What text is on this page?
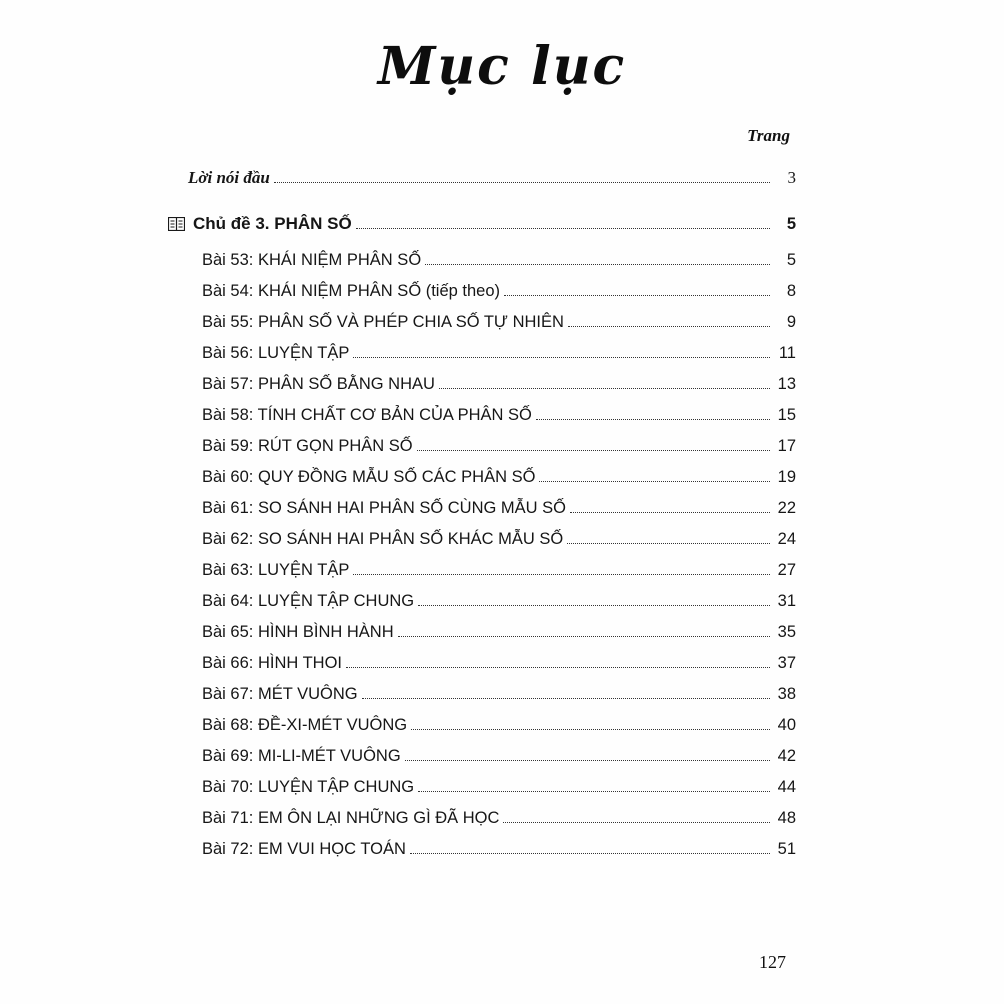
Mục lục
Trang
Lời nói đầu	3
Chủ đề 3. PHÂN SỐ	5
Bài 53: KHÁI NIỆM PHÂN SỐ	5
Bài 54: KHÁI NIỆM PHÂN SỐ (tiếp theo)	8
Bài 55: PHÂN SỐ VÀ PHÉP CHIA SỐ TỰ NHIÊN	9
Bài 56: LUYỆN TẬP	11
Bài 57: PHÂN SỐ BẰNG NHAU	13
Bài 58: TÍNH CHẤT CƠ BẢN CỦA PHÂN SỐ	15
Bài 59: RÚT GỌN PHÂN SỐ	17
Bài 60: QUY ĐỒNG MẪU SỐ CÁC PHÂN SỐ	19
Bài 61: SO SÁNH HAI PHÂN SỐ CÙNG MẪU SỐ	22
Bài 62: SO SÁNH HAI PHÂN SỐ KHÁC MẪU SỐ	24
Bài 63: LUYỆN TẬP	27
Bài 64: LUYỆN TẬP CHUNG	31
Bài 65: HÌNH BÌNH HÀNH	35
Bài 66: HÌNH THOI	37
Bài 67: MÉT VUÔNG	38
Bài 68: ĐỀ-XI-MÉT VUÔNG	40
Bài 69: MI-LI-MÉT VUÔNG	42
Bài 70: LUYỆN TẬP CHUNG	44
Bài 71: EM ÔN LẠI NHỮNG GÌ ĐÃ HỌC	48
Bài 72: EM VUI HỌC TOÁN	51
127
